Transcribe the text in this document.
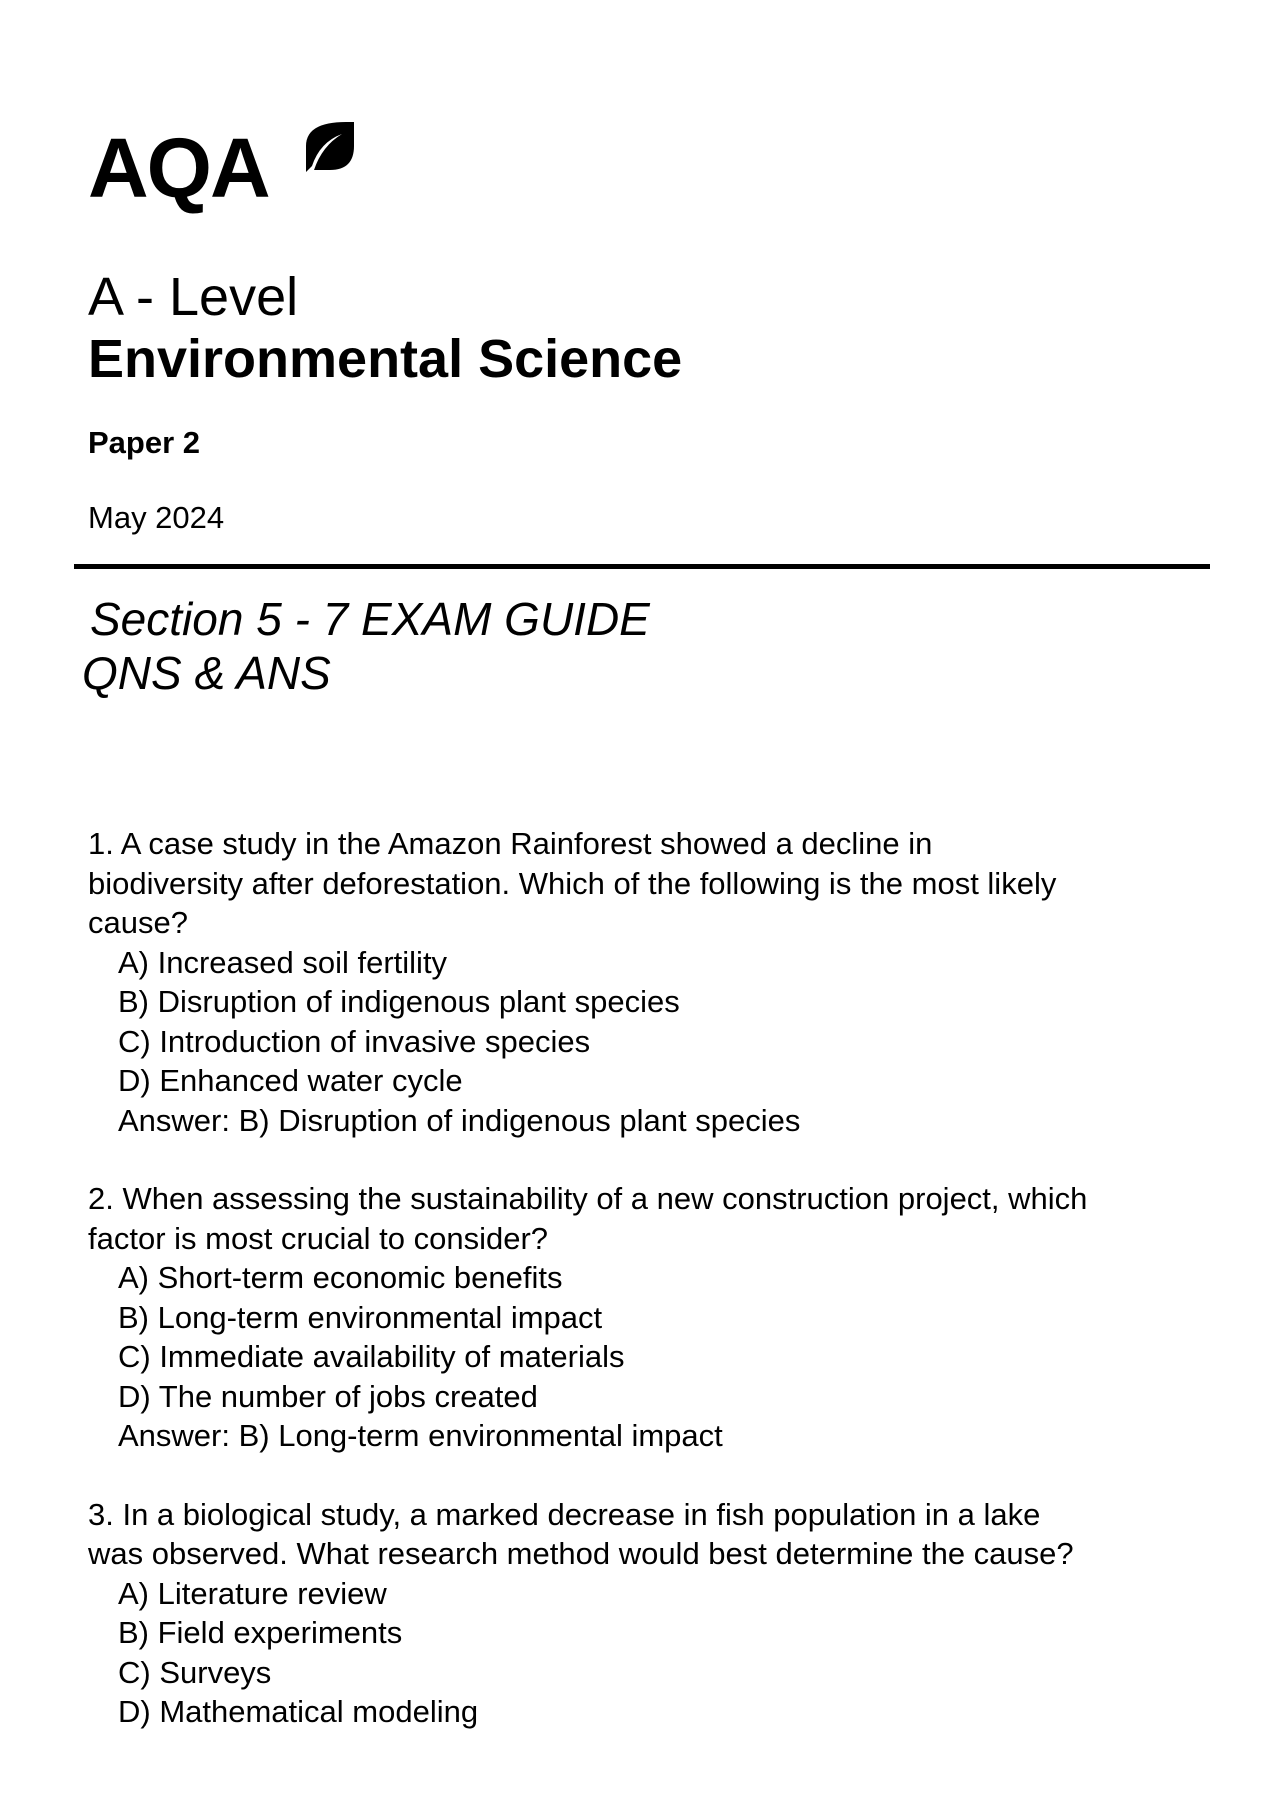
AQA
A - Level
Environmental Science
Paper 2
May 2024
Section 5 - 7 EXAM GUIDE
QNS & ANS
1. A case study in the Amazon Rainforest showed a decline in biodiversity after deforestation. Which of the following is the most likely cause?
A) Increased soil fertility
B) Disruption of indigenous plant species
C) Introduction of invasive species
D) Enhanced water cycle
Answer: B) Disruption of indigenous plant species
2. When assessing the sustainability of a new construction project, which factor is most crucial to consider?
A) Short-term economic benefits
B) Long-term environmental impact
C) Immediate availability of materials
D) The number of jobs created
Answer: B) Long-term environmental impact
3. In a biological study, a marked decrease in fish population in a lake was observed. What research method would best determine the cause?
A) Literature review
B) Field experiments
C) Surveys
D) Mathematical modeling
